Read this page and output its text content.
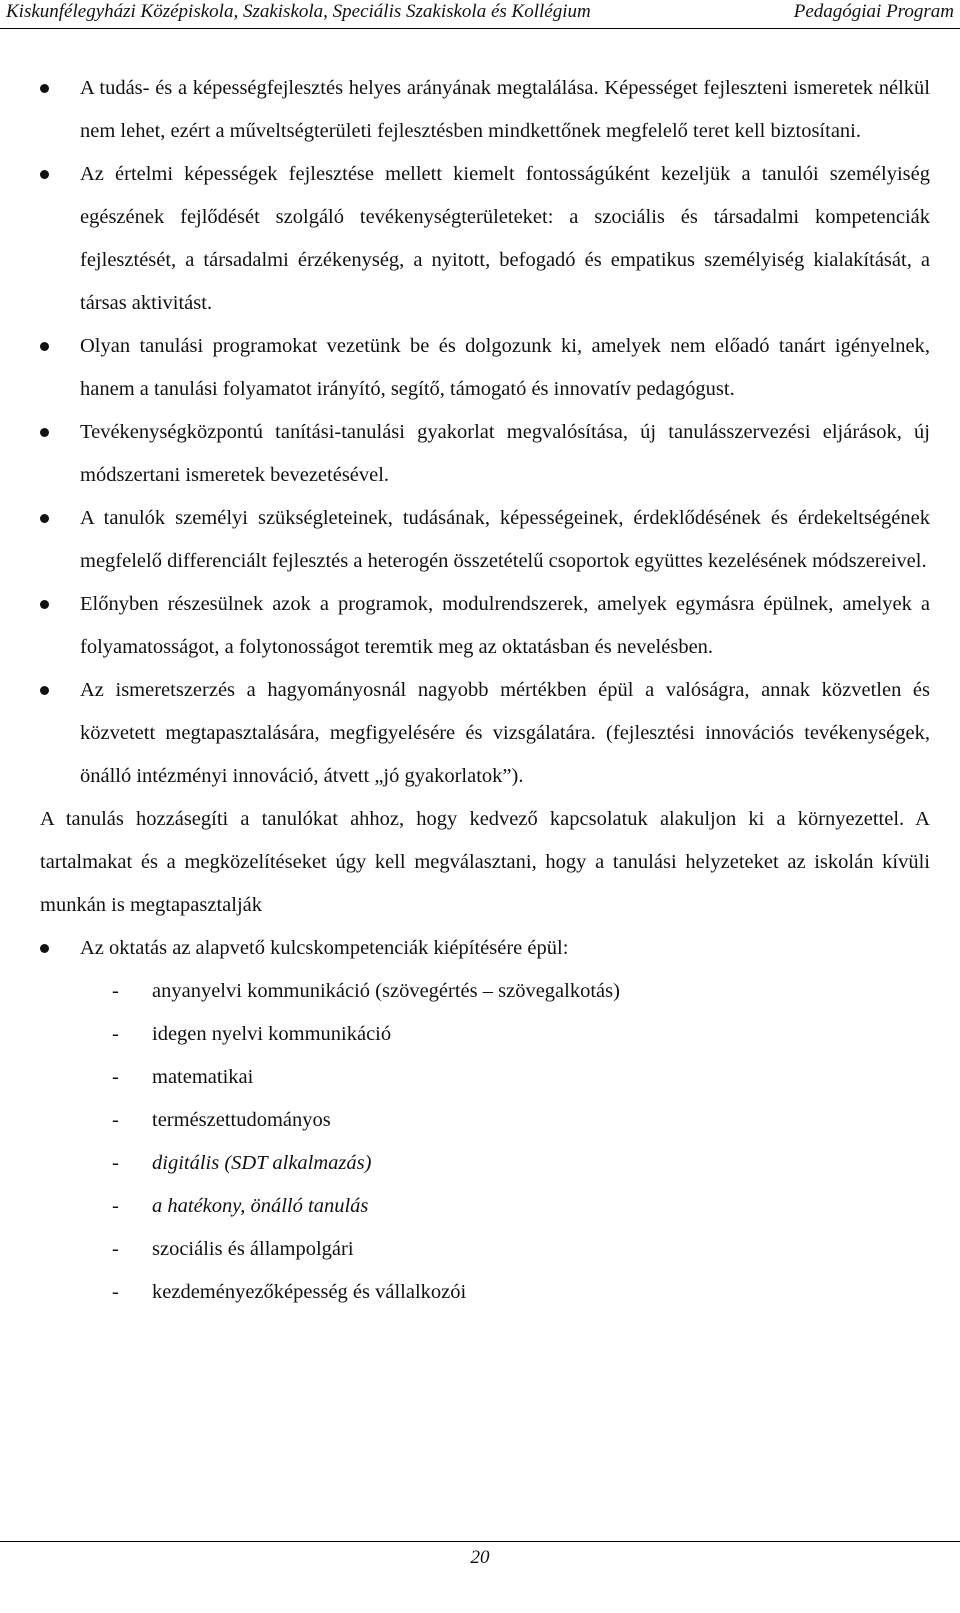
Kiskunfélegyházi Középiskola, Szakiskola, Speciális Szakiskola és Kollégium	Pedagógiai Program
A tudás- és a képességfejlesztés helyes arányának megtalálása. Képességet fejleszteni ismeretek nélkül nem lehet, ezért a műveltségterületi fejlesztésben mindkettőnek megfelelő teret kell biztosítani.
Az értelmi képességek fejlesztése mellett kiemelt fontosságúként kezeljük a tanulói személyiség egészének fejlődését szolgáló tevékenységterületeket: a szociális és társadalmi kompetenciák fejlesztését, a társadalmi érzékenység, a nyitott, befogadó és empatikus személyiség kialakítását, a társas aktivitást.
Olyan tanulási programokat vezetünk be és dolgozunk ki, amelyek nem előadó tanárt igényelnek, hanem a tanulási folyamatot irányító, segítő, támogató és innovatív pedagógust.
Tevékenységközpontú tanítási-tanulási gyakorlat megvalósítása, új tanulásszervezési eljárások, új módszertani ismeretek bevezetésével.
A tanulók személyi szükségleteinek, tudásának, képességeinek, érdeklődésének és érdekeltségének megfelelő differenciált fejlesztés a heterogén összetételű csoportok együttes kezelésének módszereivel.
Előnyben részesülnek azok a programok, modulrendszerek, amelyek egymásra épülnek, amelyek a folyamatosságot, a folytonosságot teremtik meg az oktatásban és nevelésben.
Az ismeretszerzés a hagyományosnál nagyobb mértékben épül a valóságra, annak közvetlen és közvetett megtapasztalására, megfigyelésére és vizsgálatára. (fejlesztési innovációs tevékenységek, önálló intézményi innováció, átvett „jó gyakorlatok”).

A tanulás hozzásegíti a tanulókat ahhoz, hogy kedvező kapcsolatuk alakuljon ki a környezettel. A tartalmakat és a megközelítéseket úgy kell megválasztani, hogy a tanulási helyzeteket az iskolán kívüli munkán is megtapasztalják

Az oktatás az alapvető kulcskompetenciák kiépítésére épül:
- anyanyelvi kommunikáció (szövegértés – szövegalkotás)
- idegen nyelvi kommunikáció
- matematikai
- természettudományos
- digitális (SDT alkalmazás)
- a hatékony, önálló tanulás
- szociális és állampolgári
- kezdeményezőképesség és vállalkozói
20
